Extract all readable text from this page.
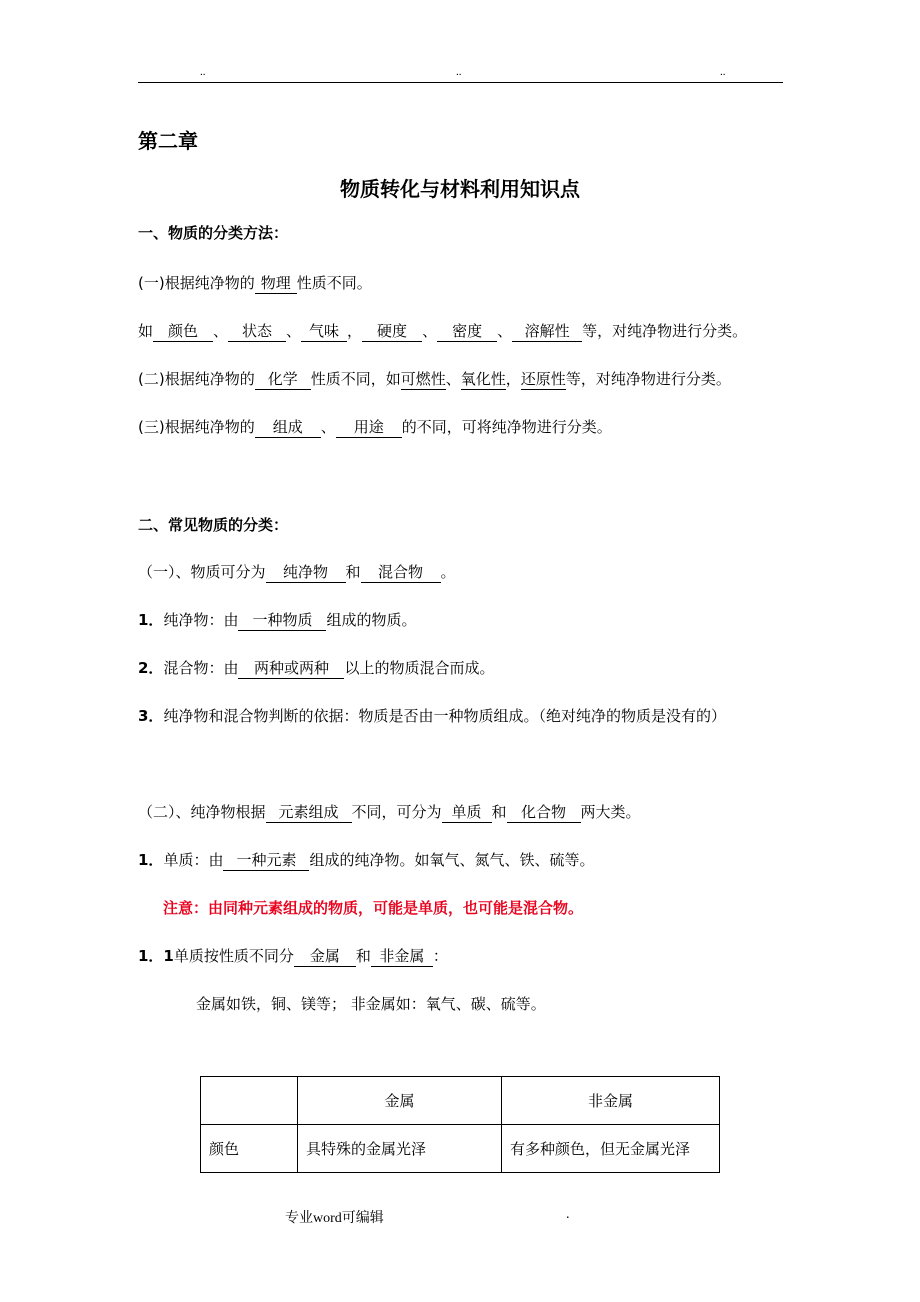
..	..	..
第二章
物质转化与材料利用知识点
一、物质的分类方法：
(一)根据纯净物的 物理 性质不同。
如 颜色 、 状态 、 气味 ， 硬度 、 密度 、 溶解性 等，对纯净物进行分类。
(二)根据纯净物的 化学 性质不同，如可燃性、氧化性，还原性等，对纯净物进行分类。
(三)根据纯净物的 组成 、 用途 的不同，可将纯净物进行分类。
二、常见物质的分类：
（一）、物质可分为 纯净物 和 混合物 。
1．纯净物：由 一种物质 组成的物质。
2．混合物：由 两种或两种 以上的物质混合而成。
3．纯净物和混合物判断的依据：物质是否由一种物质组成。（绝对纯净的物质是没有的）
（二）、纯净物根据 元素组成 不同，可分为 单质 和 化合物 两大类。
1．单质：由 一种元素 组成的纯净物。如氧气、氮气、铁、硫等。
注意：由同种元素组成的物质，可能是单质，也可能是混合物。
1．1单质按性质不同分 金属 和 非金属 ：
金属如铁，铜、镁等； 非金属如：氧气、碳、硫等。
	金属	非金属
颜色	具特殊的金属光泽	有多种颜色，但无金属光泽
专业word可编辑	.
